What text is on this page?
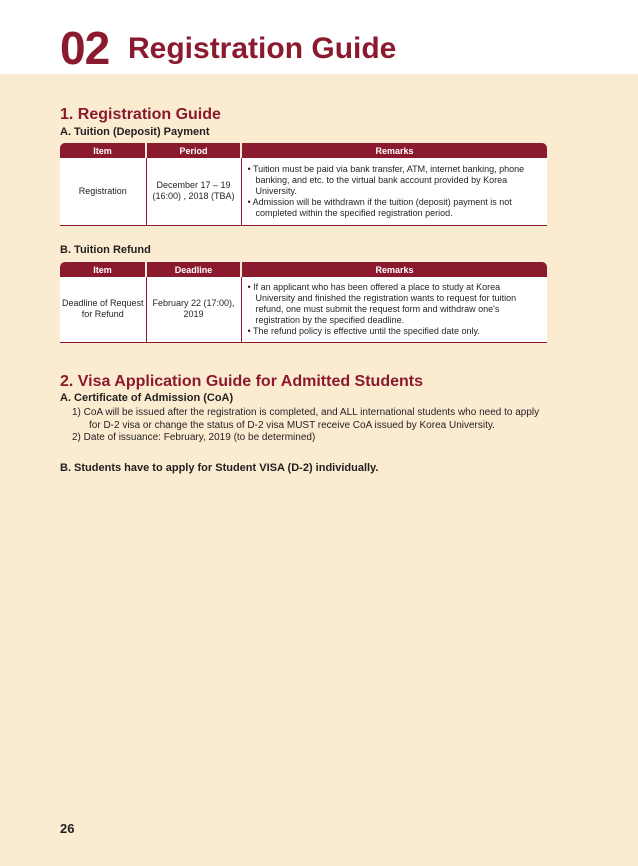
02 Registration Guide
1. Registration Guide
A. Tuition (Deposit) Payment
Item	Period	Remarks
Registration	December 17 – 19 (16:00) , 2018 (TBA)	• Tuition must be paid via bank transfer, ATM, internet banking, phone banking, and etc. to the virtual bank account provided by Korea University.
• Admission will be withdrawn if the tuition (deposit) payment is not completed within the specified registration period.
B. Tuition Refund
Item	Deadline	Remarks
Deadline of Request for Refund	February 22 (17:00), 2019	• If an applicant who has been offered a place to study at Korea University and finished the registration wants to request for tuition refund, one must submit the request form and withdraw one's registration by the specified deadline.
• The refund policy is effective until the specified date only.
2. Visa Application Guide for Admitted Students
A. Certificate of Admission (CoA)
1) CoA will be issued after the registration is completed, and ALL international students who need to apply for D-2 visa or change the status of D-2 visa MUST receive CoA issued by Korea University.
2) Date of issuance: February, 2019 (to be determined)
B. Students have to apply for Student VISA (D-2) individually.
26
